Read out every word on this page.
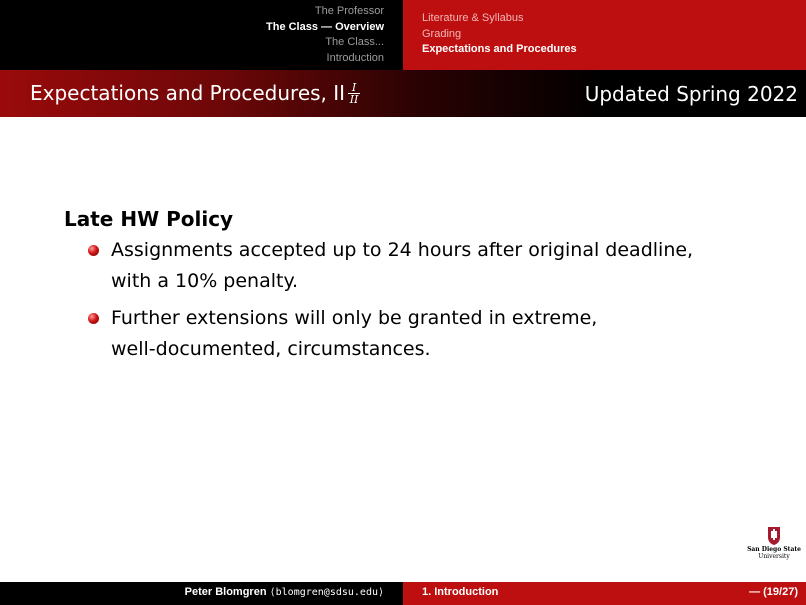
The Professor
The Class — Overview
The Class...
Introduction
Literature & Syllabus
Grading
Expectations and Procedures
Expectations and Procedures, II $\frac{I}{II}$	Updated Spring 2022
Late HW Policy
Assignments accepted up to 24 hours after original deadline,
with a 10% penalty.
Further extensions will only be granted in extreme,
well-documented, circumstances.
San Diego State
University
Peter Blomgren ⟨blomgren@sdsu.edu⟩	1. Introduction	— (19/27)
